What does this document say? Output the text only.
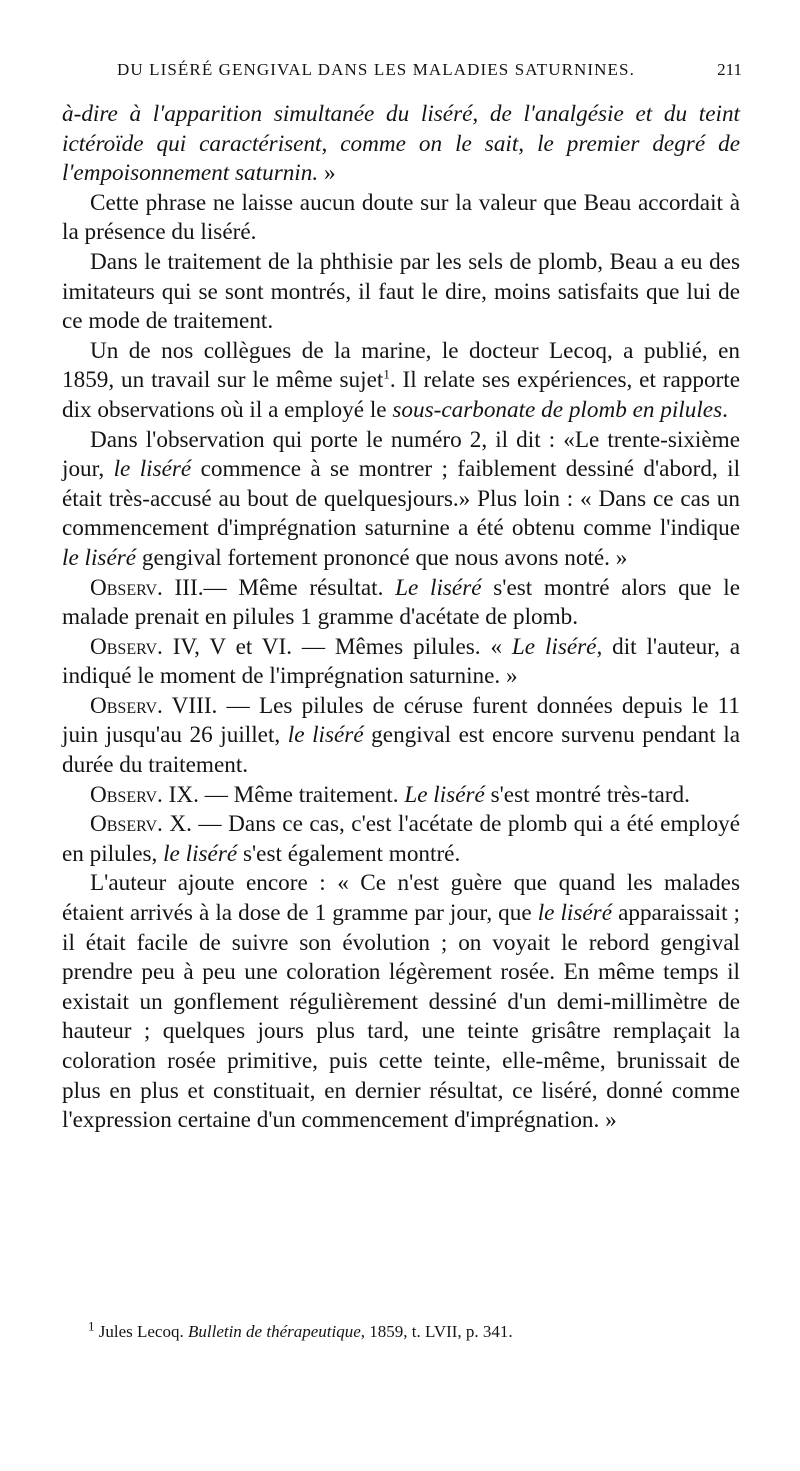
DU LISÉRÉ GENGIVAL DANS LES MALADIES SATURNINES.	211

à-dire à l'apparition simultanée du liséré, de l'analgésie et du teint ictéroïde qui caractérisent, comme on le sait, le premier degré de l'empoisonnement saturnin. »

Cette phrase ne laisse aucun doute sur la valeur que Beau accordait à la présence du liséré.

Dans le traitement de la phthisie par les sels de plomb, Beau a eu des imitateurs qui se sont montrés, il faut le dire, moins satisfaits que lui de ce mode de traitement.

Un de nos collègues de la marine, le docteur Lecoq, a publié, en 1859, un travail sur le même sujet$^1$. Il relate ses expériences, et rapporte dix observations où il a employé le sous-carbonate de plomb en pilules.

Dans l'observation qui porte le numéro 2, il dit : «Le trente-sixième jour, le liséré commence à se montrer ; faiblement dessiné d'abord, il était très-accusé au bout de quelquesjours.» Plus loin : « Dans ce cas un commencement d'imprégnation saturnine a été obtenu comme l'indique le liséré gengival fortement prononcé que nous avons noté. »

Observ. III.— Même résultat. Le liséré s'est montré alors que le malade prenait en pilules 1 gramme d'acétate de plomb.

Observ. IV, V et VI. — Mêmes pilules. « Le liséré, dit l'auteur, a indiqué le moment de l'imprégnation saturnine. »

Observ. VIII. — Les pilules de céruse furent données depuis le 11 juin jusqu'au 26 juillet, le liséré gengival est encore survenu pendant la durée du traitement.

Observ. IX. — Même traitement. Le liséré s'est montré très-tard.

Observ. X. — Dans ce cas, c'est l'acétate de plomb qui a été employé en pilules, le liséré s'est également montré.

L'auteur ajoute encore : « Ce n'est guère que quand les malades étaient arrivés à la dose de 1 gramme par jour, que le liséré apparaissait ; il était facile de suivre son évolution ; on voyait le rebord gengival prendre peu à peu une coloration légèrement rosée. En même temps il existait un gonflement régulièrement dessiné d'un demi-millimètre de hauteur ; quelques jours plus tard, une teinte grisâtre remplaçait la coloration rosée primitive, puis cette teinte, elle-même, brunissait de plus en plus et constituait, en dernier résultat, ce liséré, donné comme l'expression certaine d'un commencement d'imprégnation. »

$^1$ Jules Lecoq. Bulletin de thérapeutique, 1859, t. LVII, p. 341.
